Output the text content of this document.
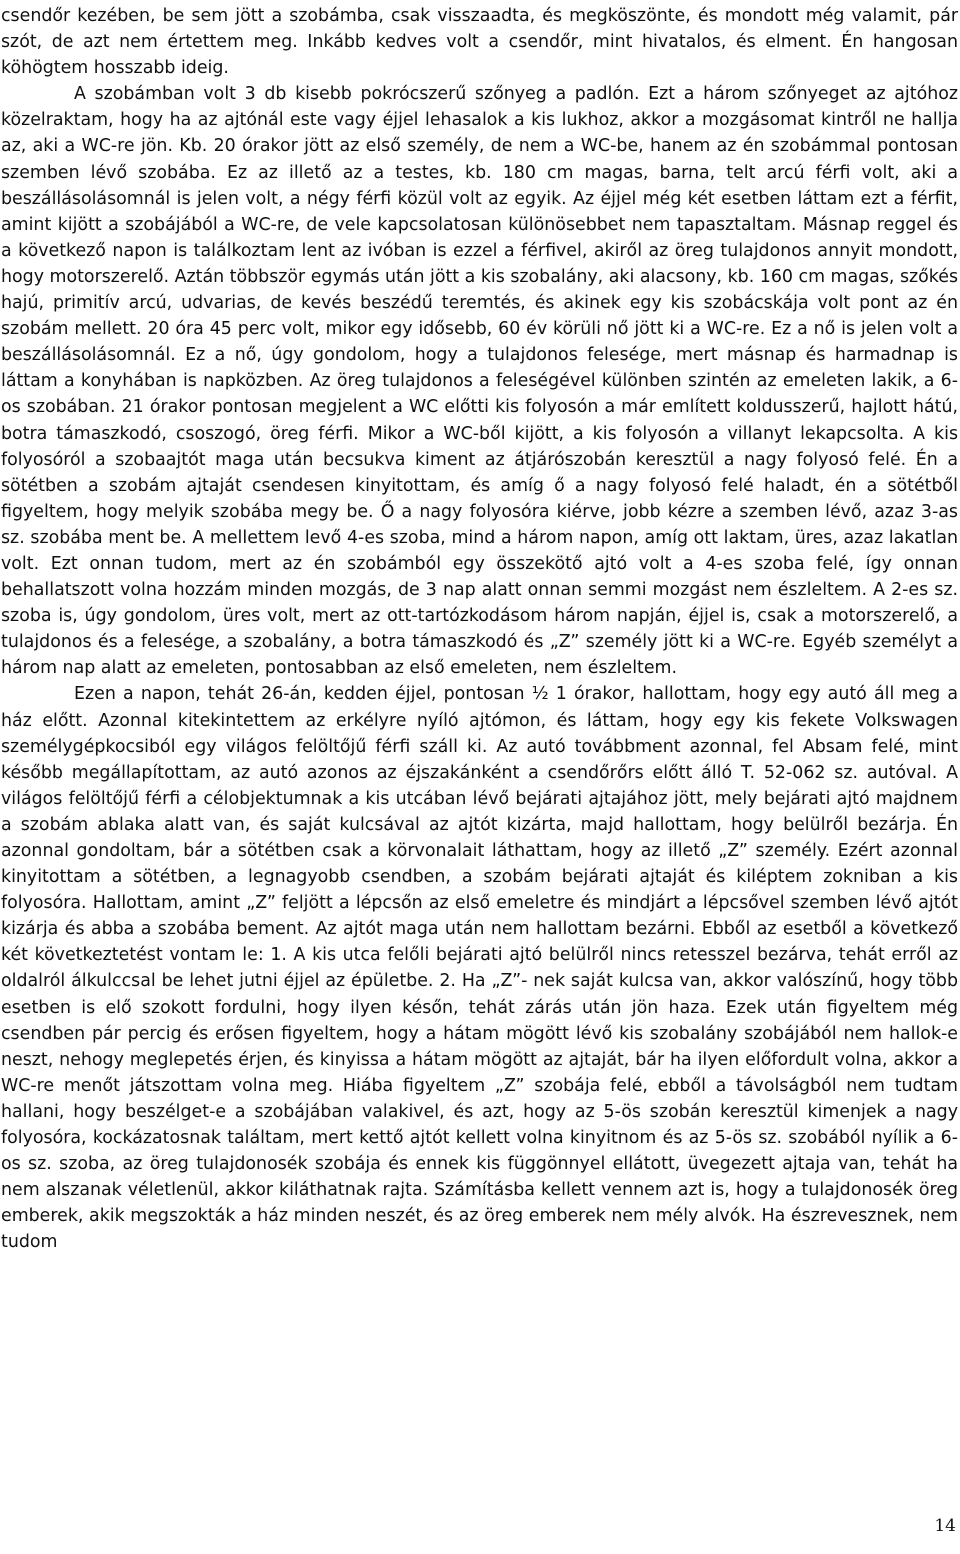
csendőr kezében, be sem jött a szobámba, csak visszaadta, és megköszönte, és mondott még valamit, pár szót, de azt nem értettem meg. Inkább kedves volt a csendőr, mint hivatalos, és elment. Én hangosan köhögtem hosszabb ideig.

A szobámban volt 3 db kisebb pokrócszerű szőnyeg a padlón. Ezt a három szőnyeget az ajtóhoz közelraktam, hogy ha az ajtónál este vagy éjjel lehasalok a kis lukhoz, akkor a mozgásomat kintről ne hallja az, aki a WC-re jön. Kb. 20 órakor jött az első személy, de nem a WC-be, hanem az én szobámmal pontosan szemben lévő szobába. Ez az illető az a testes, kb. 180 cm magas, barna, telt arcú férfi volt, aki a beszállásolásomnál is jelen volt, a négy férfi közül volt az egyik. Az éjjel még két esetben láttam ezt a férfit, amint kijött a szobájából a WC-re, de vele kapcsolatosan különösebbet nem tapasztaltam. Másnap reggel és a következő napon is találkoztam lent az ivóban is ezzel a férfivel, akiről az öreg tulajdonos annyit mondott, hogy motorszerelő. Aztán többször egymás után jött a kis szobalány, aki alacsony, kb. 160 cm magas, szőkés hajú, primitív arcú, udvarias, de kevés beszédű teremtés, és akinek egy kis szobácskája volt pont az én szobám mellett. 20 óra 45 perc volt, mikor egy idősebb, 60 év körüli nő jött ki a WC-re. Ez a nő is jelen volt a beszállásolásomnál. Ez a nő, úgy gondolom, hogy a tulajdonos felesége, mert másnap és harmadnap is láttam a konyhában is napközben. Az öreg tulajdonos a feleségével különben szintén az emeleten lakik, a 6-os szobában. 21 órakor pontosan megjelent a WC előtti kis folyosón a már említett koldusszerű, hajlott hátú, botra támaszkodó, csoszogó, öreg férfi. Mikor a WC-ből kijött, a kis folyosón a villanyt lekapcsolta. A kis folyosóról a szobaajtót maga után becsukva kiment az átjárószobán keresztül a nagy folyosó felé. Én a sötétben a szobám ajtaját csendesen kinyitottam, és amíg ő a nagy folyosó felé haladt, én a sötétből figyeltem, hogy melyik szobába megy be. Ő a nagy folyosóra kiérve, jobb kézre a szemben lévő, azaz 3-as sz. szobába ment be. A mellettem levő 4-es szoba, mind a három napon, amíg ott laktam, üres, azaz lakatlan volt. Ezt onnan tudom, mert az én szobámból egy összekötő ajtó volt a 4-es szoba felé, így onnan behallatszott volna hozzám minden mozgás, de 3 nap alatt onnan semmi mozgást nem észleltem. A 2-es sz. szoba is, úgy gondolom, üres volt, mert az ott-tartózkodásom három napján, éjjel is, csak a motorszerelő, a tulajdonos és a felesége, a szobalány, a botra támaszkodó és „Z” személy jött ki a WC-re. Egyéb személyt a három nap alatt az emeleten, pontosabban az első emeleten, nem észleltem.

Ezen a napon, tehát 26-án, kedden éjjel, pontosan ½ 1 órakor, hallottam, hogy egy autó áll meg a ház előtt. Azonnal kitekintettem az erkélyre nyíló ajtómon, és láttam, hogy egy kis fekete Volkswagen személygépkocsiból egy világos felöltőjű férfi száll ki. Az autó továbbment azonnal, fel Absam felé, mint később megállapítottam, az autó azonos az éjszakánként a csendőrőrs előtt álló T. 52-062 sz. autóval. A világos felöltőjű férfi a célobjektumnak a kis utcában lévő bejárati ajtajához jött, mely bejárati ajtó majdnem a szobám ablaka alatt van, és saját kulcsával az ajtót kizárta, majd hallottam, hogy belülről bezárja. Én azonnal gondoltam, bár a sötétben csak a körvonalait láthattam, hogy az illető „Z” személy. Ezért azonnal kinyitottam a sötétben, a legnagyobb csendben, a szobám bejárati ajtaját és kiléptem zokniban a kis folyosóra. Hallottam, amint „Z” feljött a lépcsőn az első emeletre és mindjárt a lépcsővel szemben lévő ajtót kizárja és abba a szobába bement. Az ajtót maga után nem hallottam bezárni. Ebből az esetből a következő két következtetést vontam le: 1. A kis utca felőli bejárati ajtó belülről nincs retesszel bezárva, tehát erről az oldalról álkulccsal be lehet jutni éjjel az épületbe. 2. Ha „Z”- nek saját kulcsa van, akkor valószínű, hogy több esetben is elő szokott fordulni, hogy ilyen későn, tehát zárás után jön haza. Ezek után figyeltem még csendben pár percig és erősen figyeltem, hogy a hátam mögött lévő kis szobalány szobájából nem hallok-e neszt, nehogy meglepetés érjen, és kinyissa a hátam mögött az ajtaját, bár ha ilyen előfordult volna, akkor a WC-re menőt játszottam volna meg. Hiába figyeltem „Z” szobája felé, ebből a távolságból nem tudtam hallani, hogy beszélget-e a szobájában valakivel, és azt, hogy az 5-ös szobán keresztül kimenjek a nagy folyosóra, kockázatosnak találtam, mert kettő ajtót kellett volna kinyitnom és az 5-ös sz. szobából nyílik a 6-os sz. szoba, az öreg tulajdonosék szobája és ennek kis függönnyel ellátott, üvegezett ajtaja van, tehát ha nem alszanak véletlenül, akkor kiláthatnak rajta. Számításba kellett vennem azt is, hogy a tulajdonosék öreg emberek, akik megszokták a ház minden neszét, és az öreg emberek nem mély alvók. Ha észrevesznek, nem tudom

14
